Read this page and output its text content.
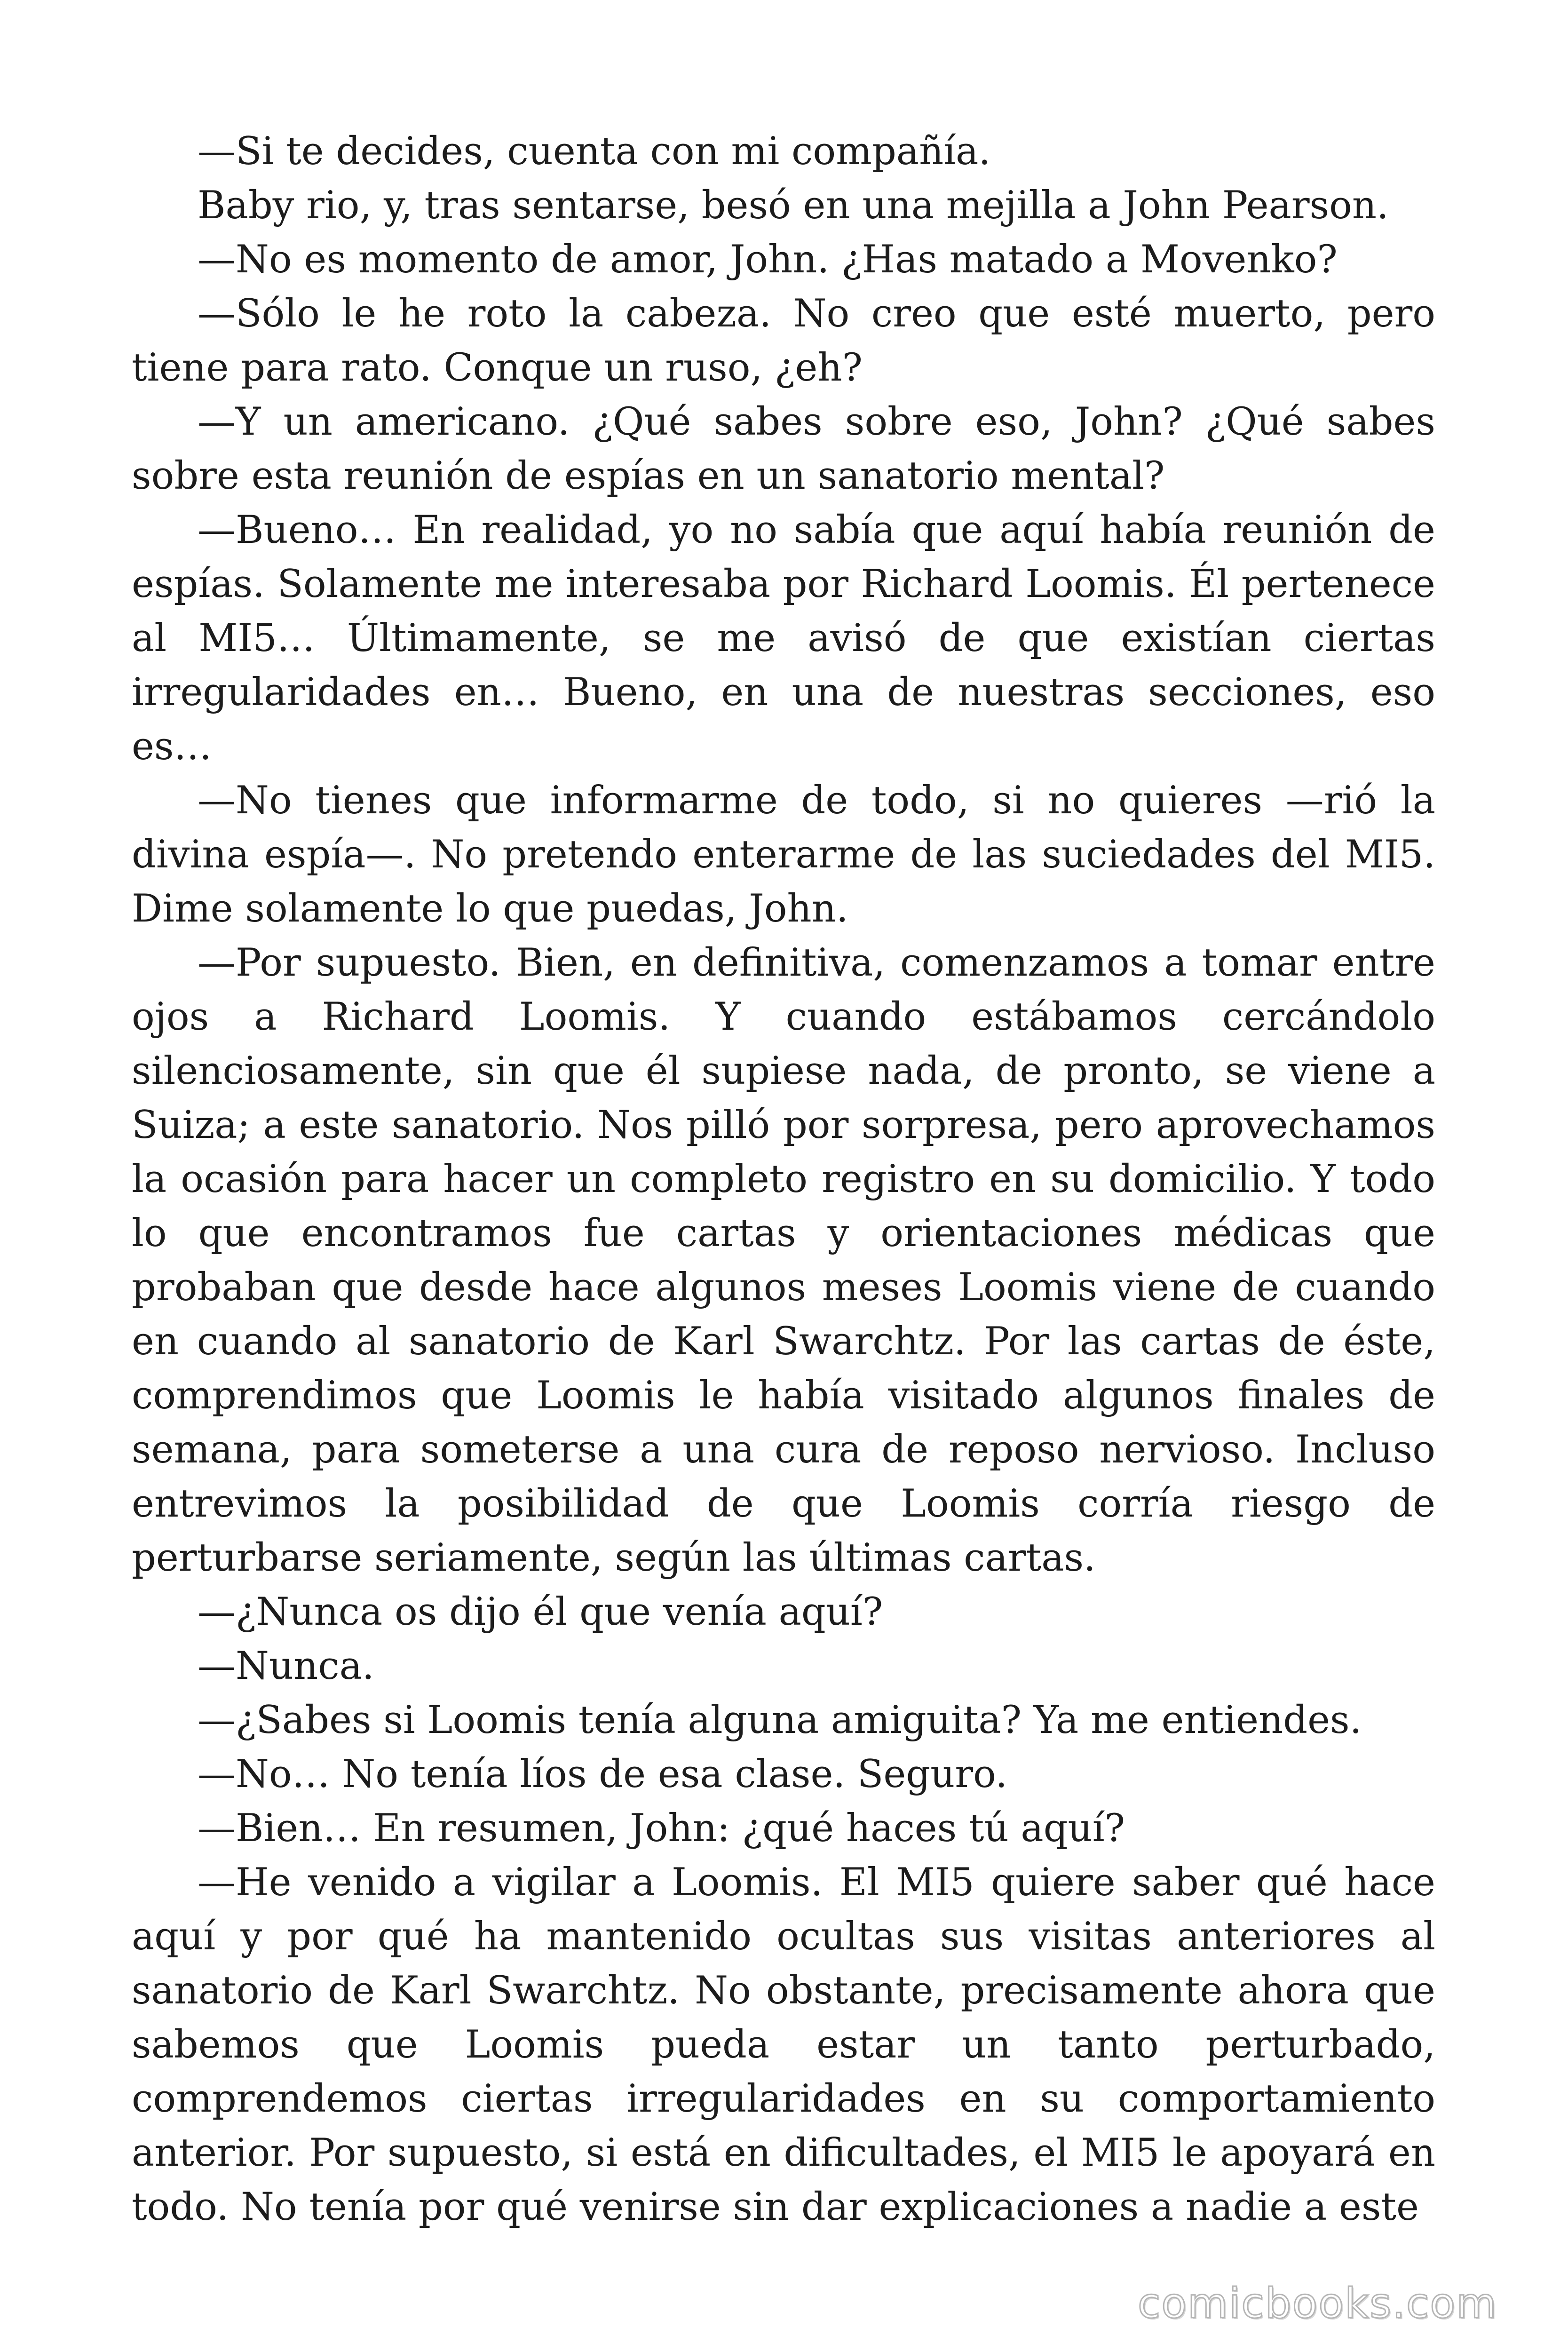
—Si te decides, cuenta con mi compañía.

Baby rio, y, tras sentarse, besó en una mejilla a John Pearson.

—No es momento de amor, John. ¿Has matado a Movenko?

—Sólo le he roto la cabeza. No creo que esté muerto, pero tiene para rato. Conque un ruso, ¿eh?

—Y un americano. ¿Qué sabes sobre eso, John? ¿Qué sabes sobre esta reunión de espías en un sanatorio mental?

—Bueno… En realidad, yo no sabía que aquí había reunión de espías. Solamente me interesaba por Richard Loomis. Él pertenece al MI5… Últimamente, se me avisó de que existían ciertas irregularidades en… Bueno, en una de nuestras secciones, eso es…

—No tienes que informarme de todo, si no quieres —rió la divina espía—. No pretendo enterarme de las suciedades del MI5. Dime solamente lo que puedas, John.

—Por supuesto. Bien, en definitiva, comenzamos a tomar entre ojos a Richard Loomis. Y cuando estábamos cercándolo silenciosamente, sin que él supiese nada, de pronto, se viene a Suiza; a este sanatorio. Nos pilló por sorpresa, pero aprovechamos la ocasión para hacer un completo registro en su domicilio. Y todo lo que encontramos fue cartas y orientaciones médicas que probaban que desde hace algunos meses Loomis viene de cuando en cuando al sanatorio de Karl Swarchtz. Por las cartas de éste, comprendimos que Loomis le había visitado algunos finales de semana, para someterse a una cura de reposo nervioso. Incluso entrevimos la posibilidad de que Loomis corría riesgo de perturbarse seriamente, según las últimas cartas.

—¿Nunca os dijo él que venía aquí?

—Nunca.

—¿Sabes si Loomis tenía alguna amiguita? Ya me entiendes.

—No… No tenía líos de esa clase. Seguro.

—Bien… En resumen, John: ¿qué haces tú aquí?

—He venido a vigilar a Loomis. El MI5 quiere saber qué hace aquí y por qué ha mantenido ocultas sus visitas anteriores al sanatorio de Karl Swarchtz. No obstante, precisamente ahora que sabemos que Loomis pueda estar un tanto perturbado, comprendemos ciertas irregularidades en su comportamiento anterior. Por supuesto, si está en dificultades, el MI5 le apoyará en todo. No tenía por qué venirse sin dar explicaciones a nadie a este

comicbooks.com
